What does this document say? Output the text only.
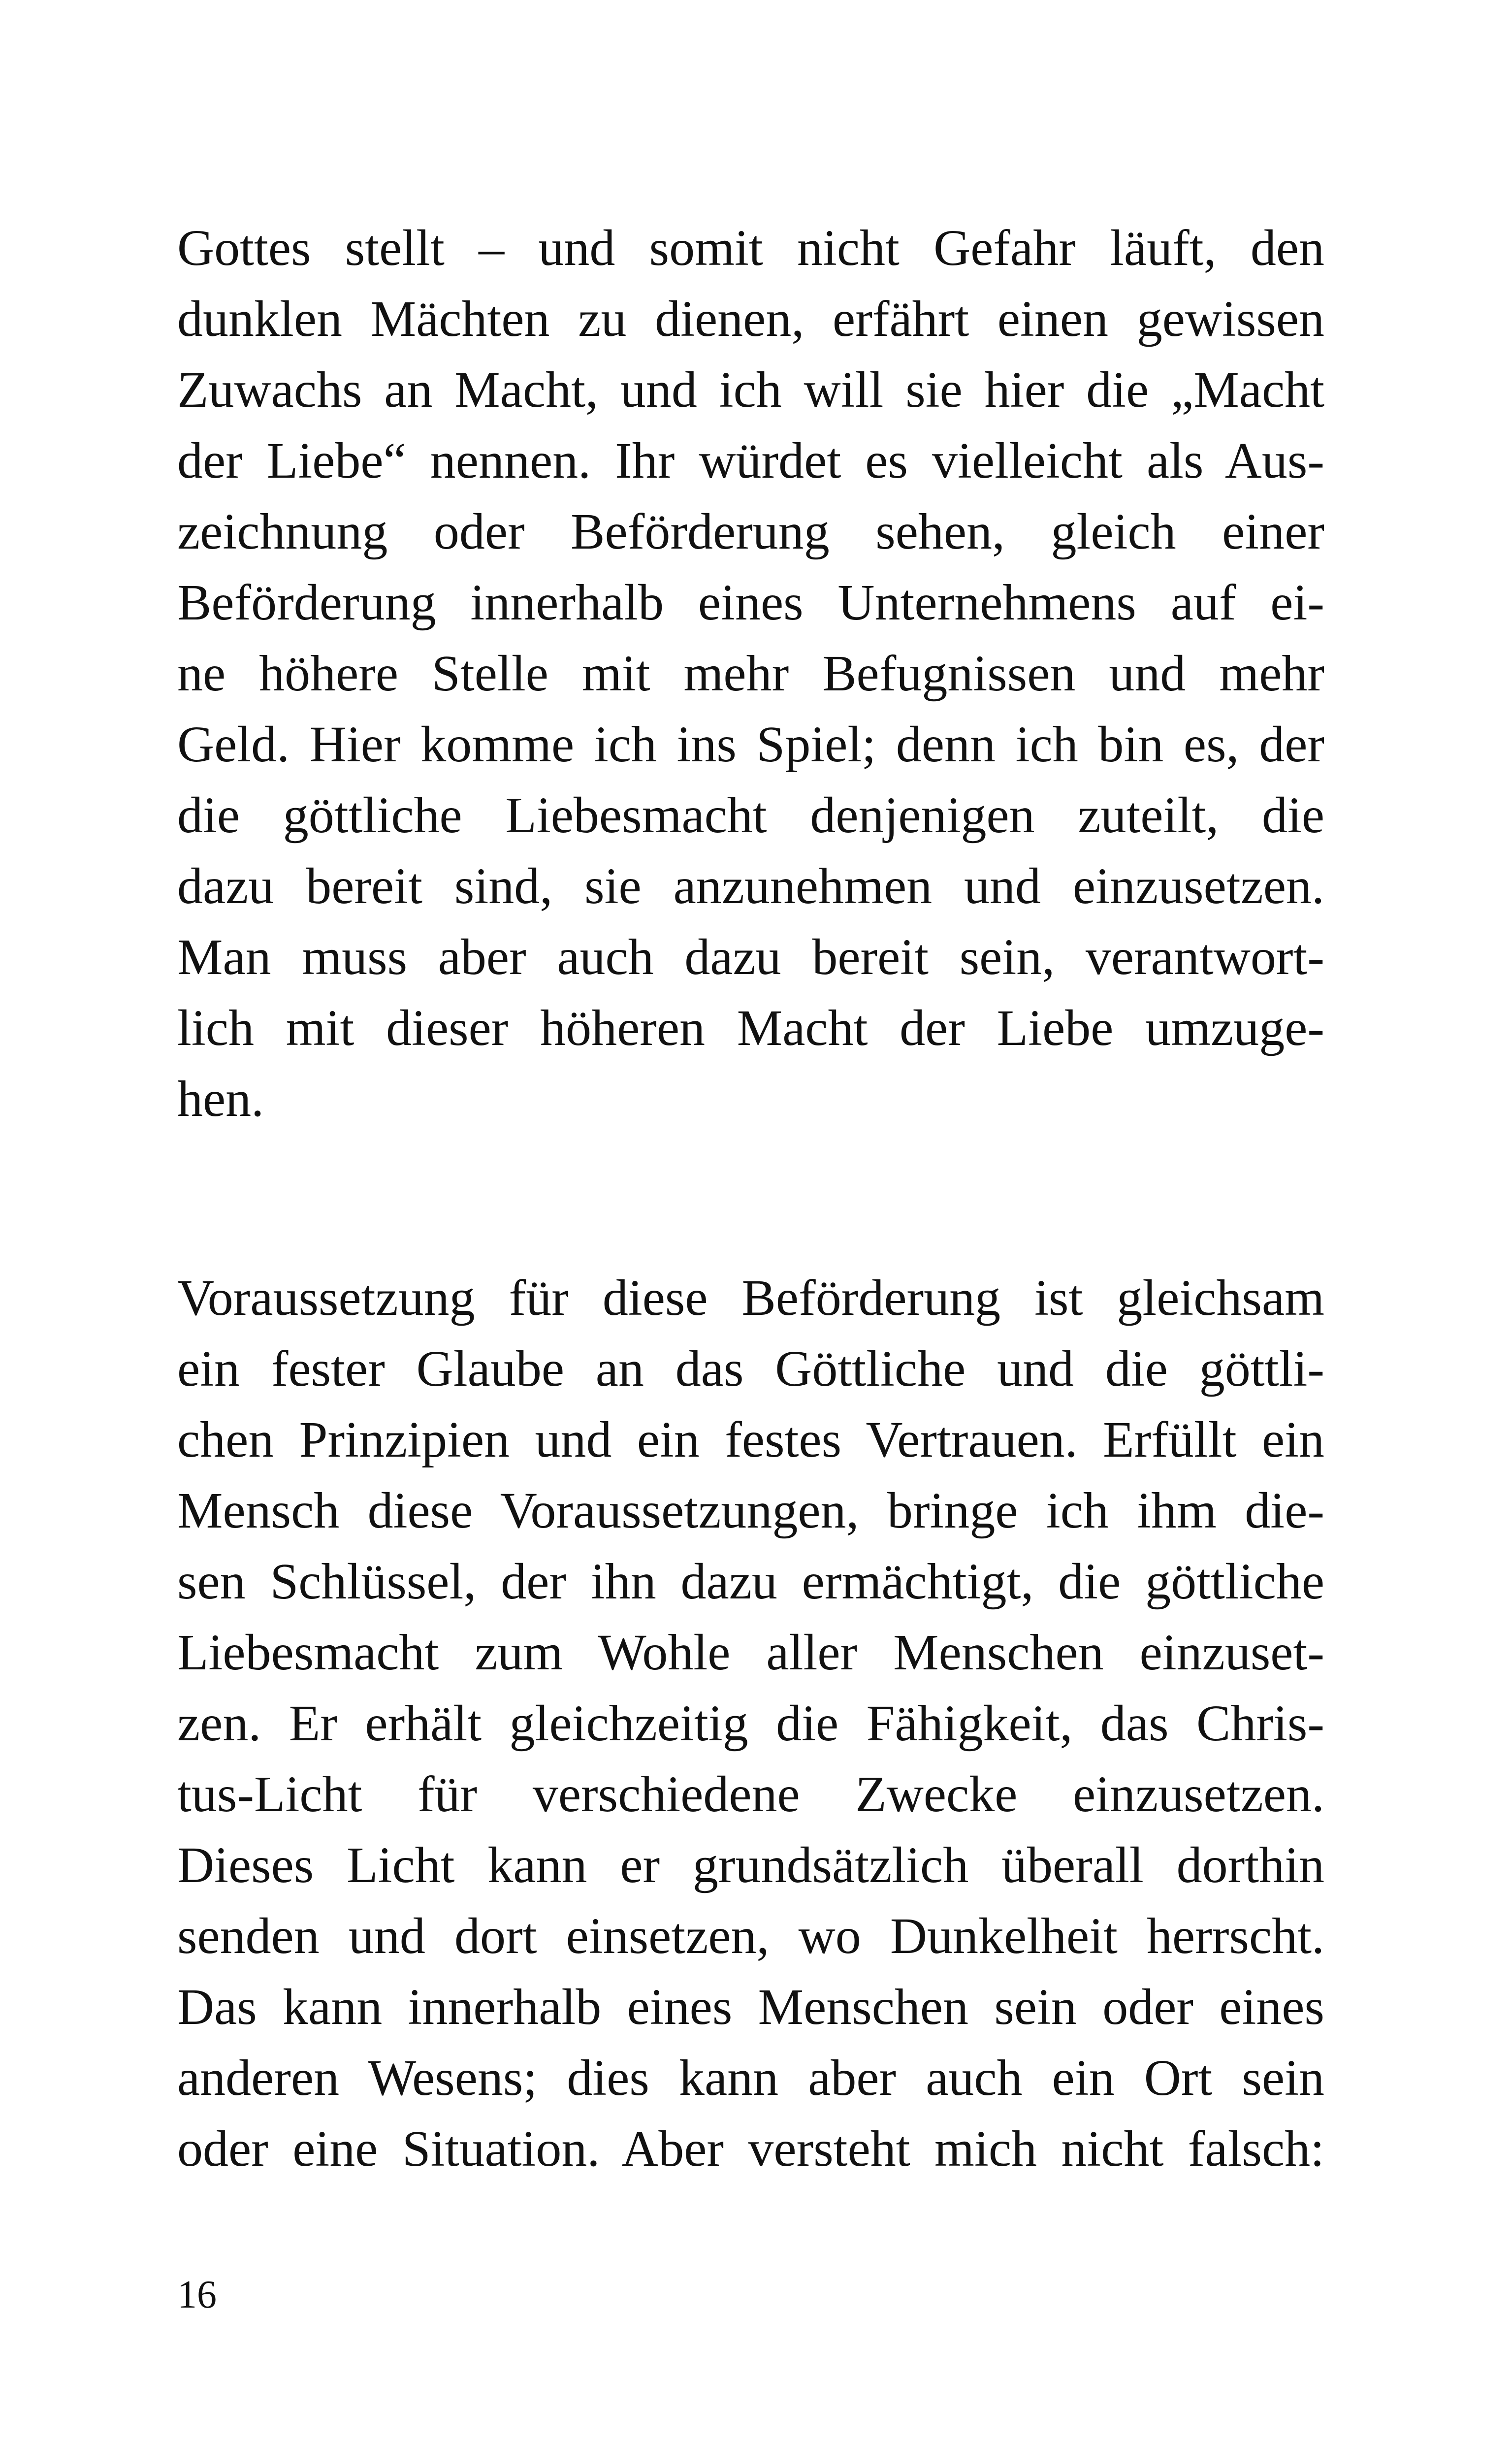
Gottes stellt – und somit nicht Gefahr läuft, den
dunklen Mächten zu dienen, erfährt einen gewissen
Zuwachs an Macht, und ich will sie hier die „Macht
der Liebe“ nennen. Ihr würdet es vielleicht als Aus-
zeichnung oder Beförderung sehen, gleich einer
Beförderung innerhalb eines Unternehmens auf ei-
ne höhere Stelle mit mehr Befugnissen und mehr
Geld. Hier komme ich ins Spiel; denn ich bin es, der
die göttliche Liebesmacht denjenigen zuteilt, die
dazu bereit sind, sie anzunehmen und einzusetzen.
Man muss aber auch dazu bereit sein, verantwort-
lich mit dieser höheren Macht der Liebe umzuge-
hen.
Voraussetzung für diese Beförderung ist gleichsam
ein fester Glaube an das Göttliche und die göttli-
chen Prinzipien und ein festes Vertrauen. Erfüllt ein
Mensch diese Voraussetzungen, bringe ich ihm die-
sen Schlüssel, der ihn dazu ermächtigt, die göttliche
Liebesmacht zum Wohle aller Menschen einzuset-
zen. Er erhält gleichzeitig die Fähigkeit, das Chris-
tus-Licht für verschiedene Zwecke einzusetzen.
Dieses Licht kann er grundsätzlich überall dorthin
senden und dort einsetzen, wo Dunkelheit herrscht.
Das kann innerhalb eines Menschen sein oder eines
anderen Wesens; dies kann aber auch ein Ort sein
oder eine Situation. Aber versteht mich nicht falsch:
16
